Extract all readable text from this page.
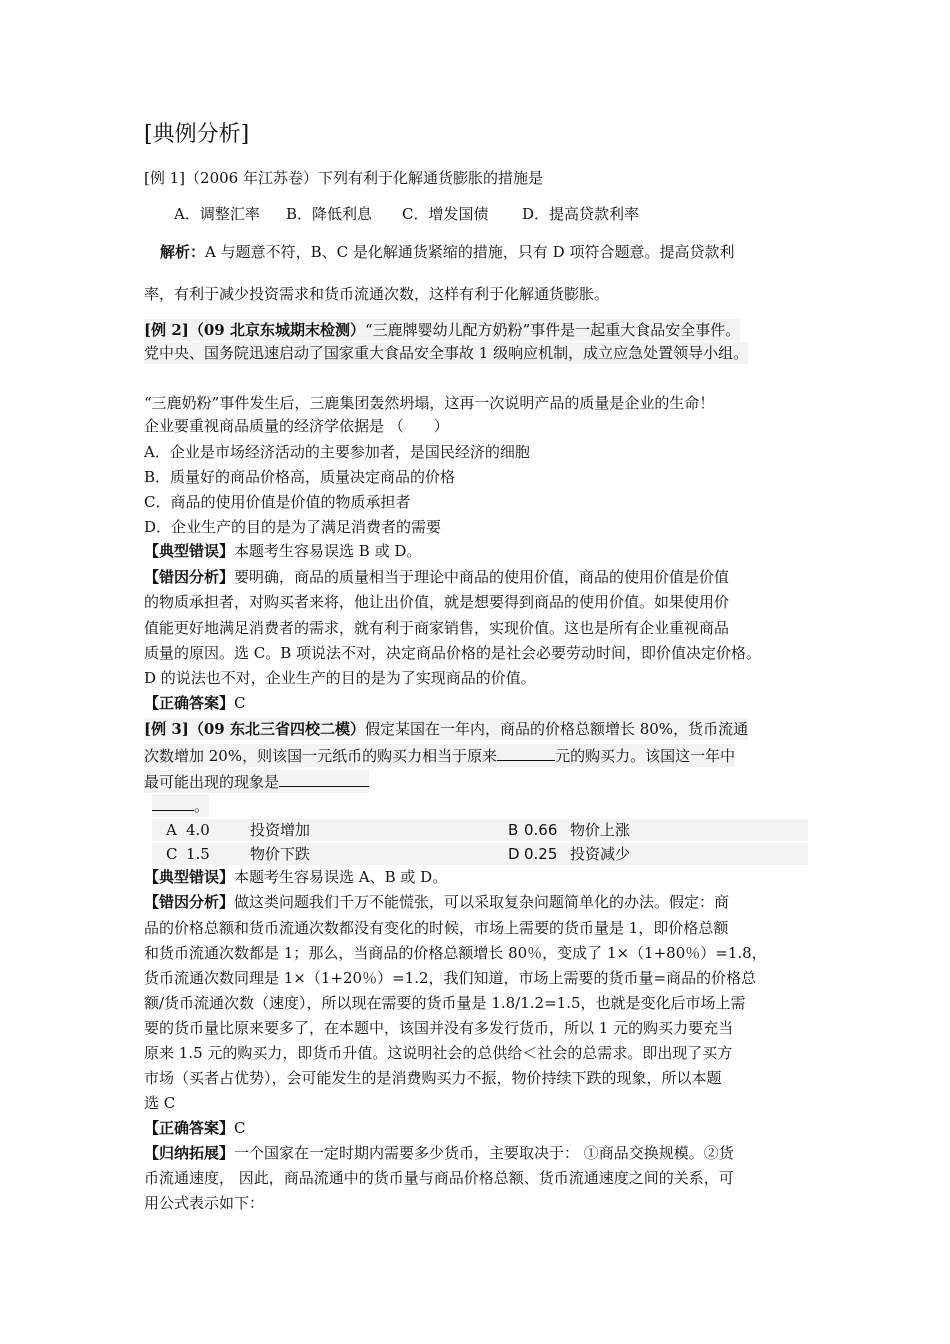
[典例分析]
[例 1]（2006 年江苏卷）下列有利于化解通货膨胀的措施是
A．调整汇率 B．降低利息 C．增发国债 D．提高贷款利率
解析：A 与题意不符，B、C 是化解通货紧缩的措施，只有 D 项符合题意。提高贷款利
率，有利于减少投资需求和货币流通次数，这样有利于化解通货膨胀。
[例 2]（09 北京东城期末检测）“三鹿牌婴幼儿配方奶粉”事件是一起重大食品安全事件。
党中央、国务院迅速启动了国家重大食品安全事故 1 级响应机制，成立应急处置领导小组。
“三鹿奶粉”事件发生后，三鹿集团轰然坍塌，这再一次说明产品的质量是企业的生命！
企业要重视商品质量的经济学依据是 （　　）
A．企业是市场经济活动的主要参加者，是国民经济的细胞
B．质量好的商品价格高，质量决定商品的价格
C．商品的使用价值是价值的物质承担者
D．企业生产的目的是为了满足消费者的需要
【典型错误】本题考生容易误选 B 或 D。
【错因分析】要明确，商品的质量相当于理论中商品的使用价值，商品的使用价值是价值
的物质承担者，对购买者来将，他让出价值，就是想要得到商品的使用价值。如果使用价
值能更好地满足消费者的需求，就有利于商家销售，实现价值。这也是所有企业重视商品
质量的原因。选 C。B 项说法不对，决定商品价格的是社会必要劳动时间，即价值决定价格。
D 的说法也不对，企业生产的目的是为了实现商品的价值。
【正确答案】C
[例 3]（09 东北三省四校二模）假定某国在一年内，商品的价格总额增长 80%，货币流通
次数增加 20%，则该国一元纸币的购买力相当于原来	元的购买力。该国这一年中
最可能出现的现象是
。
A 4.0	投资增加	B 0.66 物价上涨
C 1.5	物价下跌	D 0.25 投资减少
【典型错误】本题考生容易误选 A、B 或 D。
【错因分析】做这类问题我们千万不能慌张，可以采取复杂问题简单化的办法。假定：商
品的价格总额和货币流通次数都没有变化的时候，市场上需要的货币量是 1，即价格总额
和货币流通次数都是 1；那么，当商品的价格总额增长 80％，变成了 1×（1+80％）=1.8，
货币流通次数同理是 1×（1+20％）=1.2，我们知道，市场上需要的货币量=商品的价格总
额/货币流通次数（速度），所以现在需要的货币量是 1.8/1.2=1.5，也就是变化后市场上需
要的货币量比原来要多了，在本题中，该国并没有多发行货币，所以 1 元的购买力要充当
原来 1.5 元的购买力，即货币升值。这说明社会的总供给＜社会的总需求。即出现了买方
市场（买者占优势），会可能发生的是消费购买力不振，物价持续下跌的现象，所以本题
选 C
【正确答案】C
【归纳拓展】一个国家在一定时期内需要多少货币，主要取决于： ①商品交换规模。②货
币流通速度， 因此，商品流通中的货币量与商品价格总额、货币流通速度之间的关系，可
用公式表示如下：
